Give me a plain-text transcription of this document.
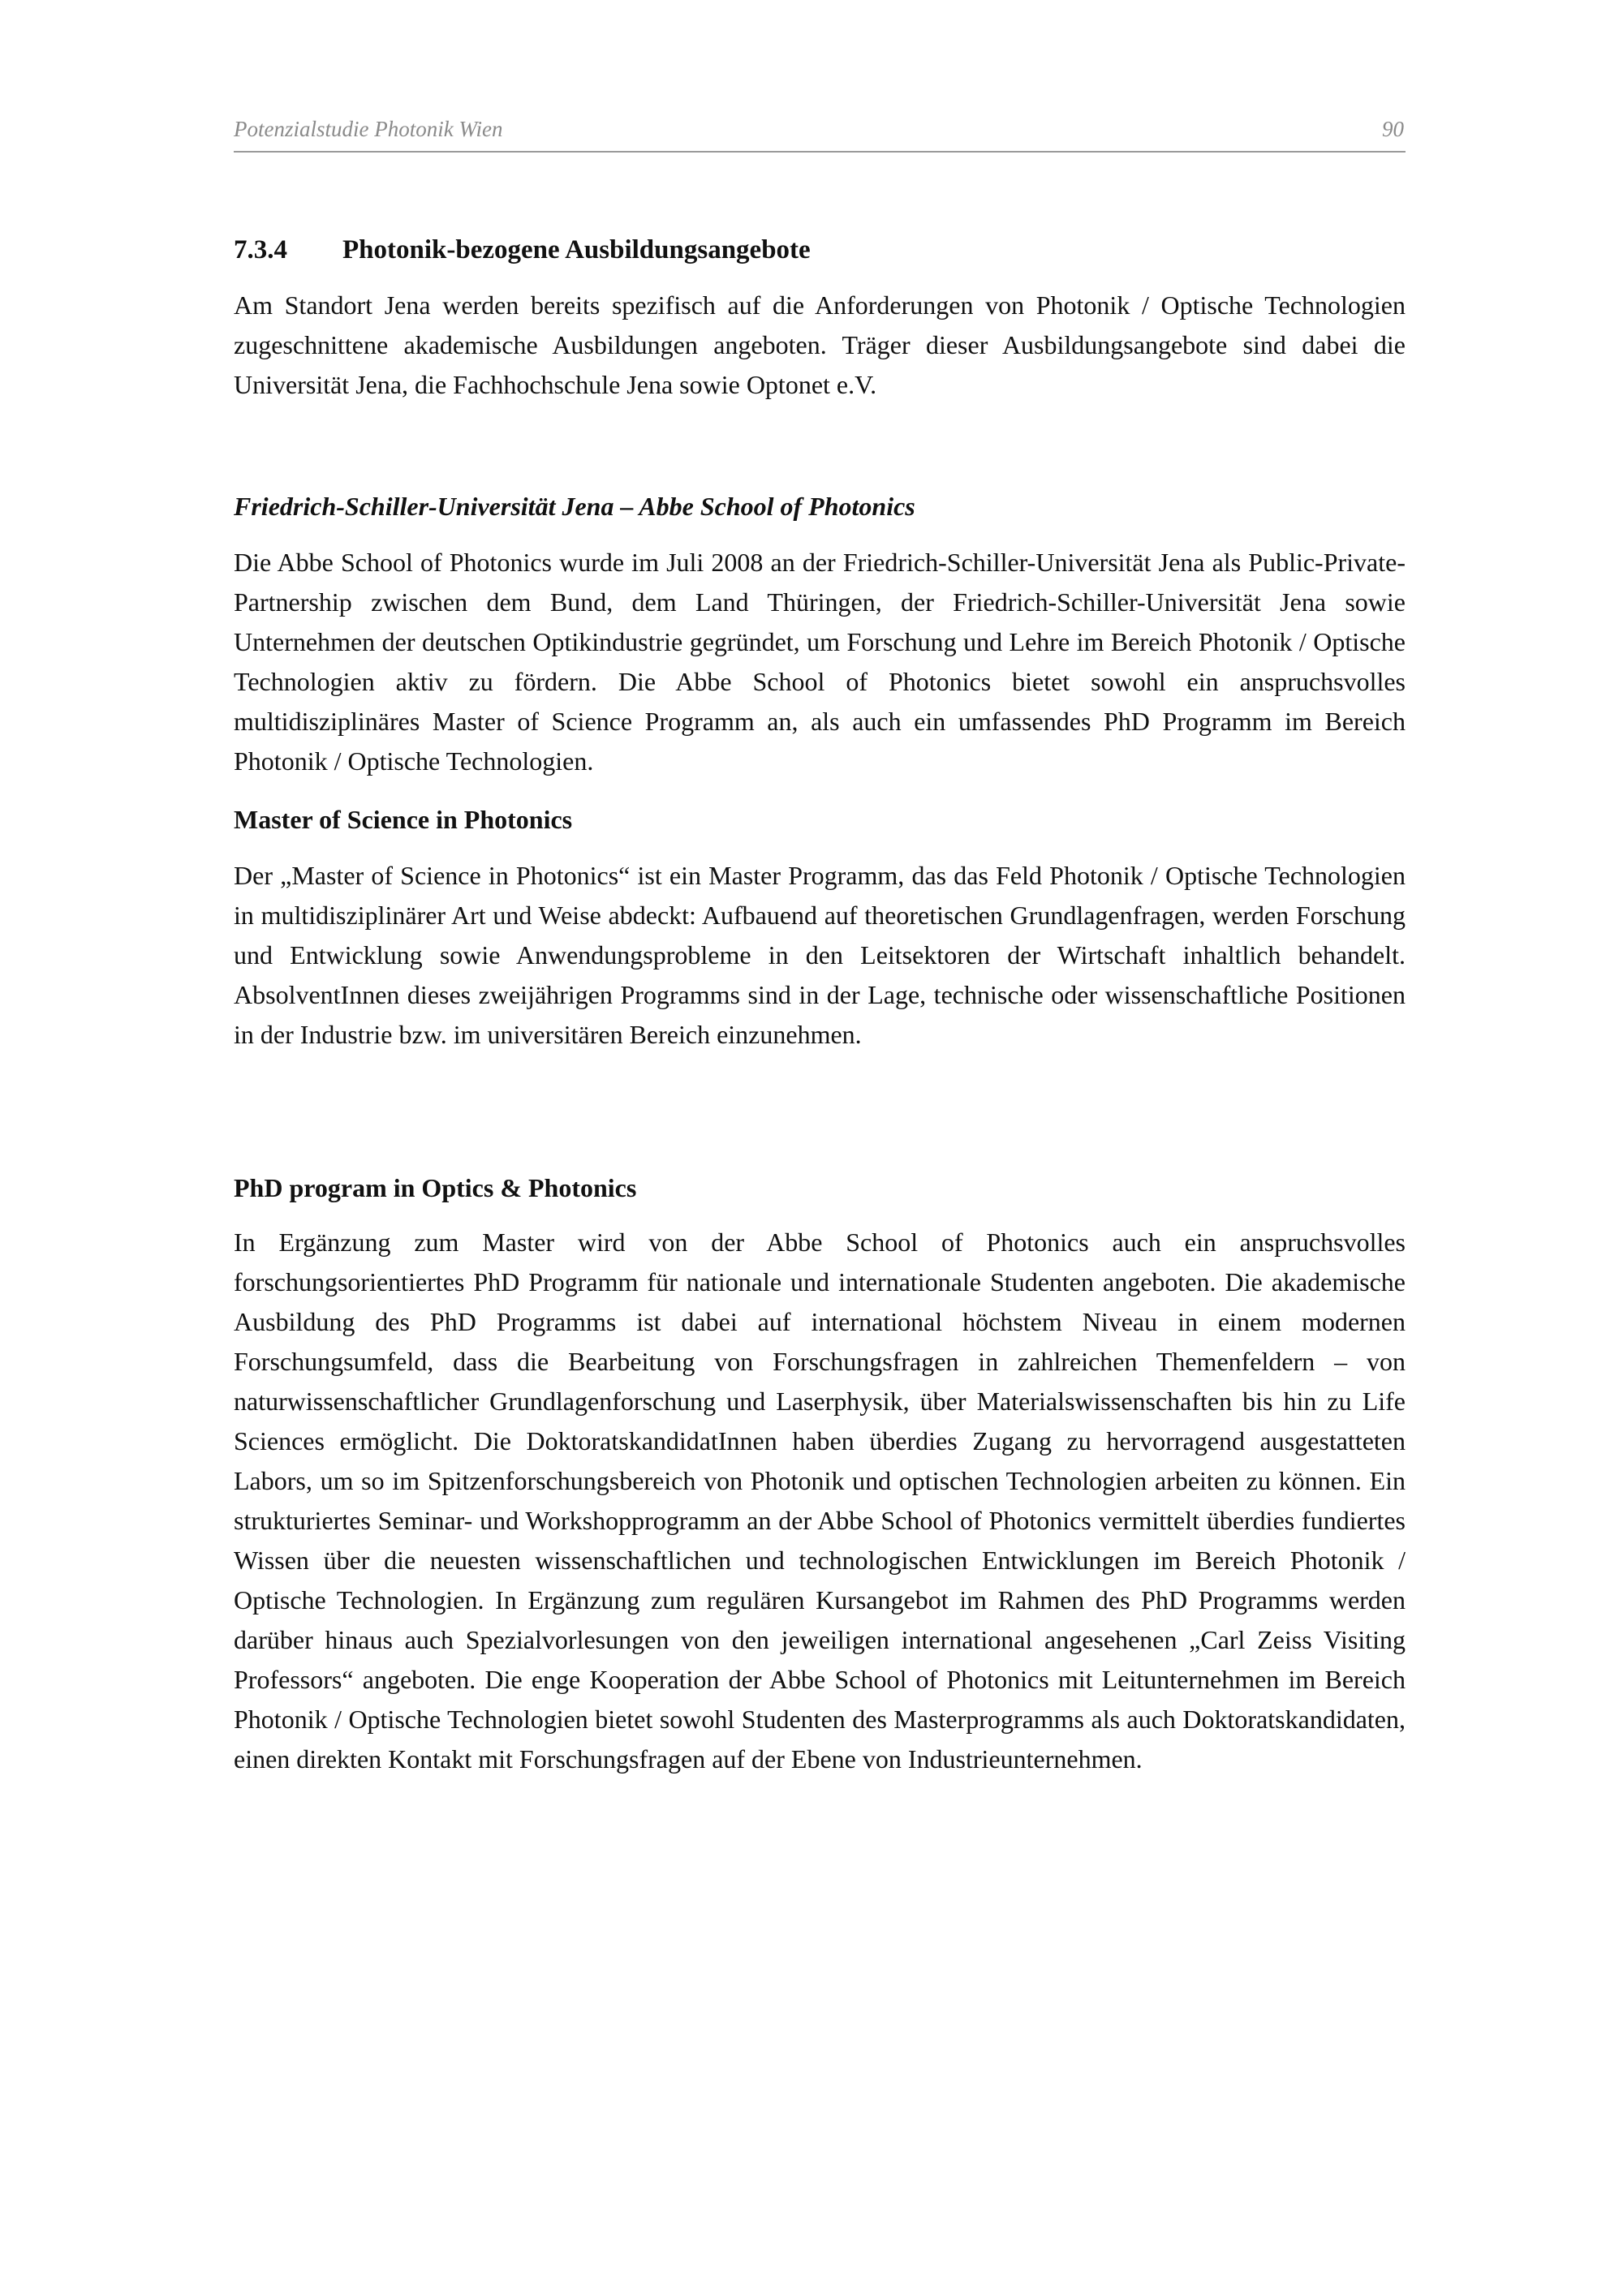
Potenzialstudie Photonik Wien	90
7.3.4 Photonik-bezogene Ausbildungsangebote

Am Standort Jena werden bereits spezifisch auf die Anforderungen von Photonik / Optische Technologien zugeschnittene akademische Ausbildungen angeboten. Träger dieser Ausbildungsangebote sind dabei die Universität Jena, die Fachhochschule Jena sowie Optonet e.V.

Friedrich-Schiller-Universität Jena – Abbe School of Photonics

Die Abbe School of Photonics wurde im Juli 2008 an der Friedrich-Schiller-Universität Jena als Public-Private-Partnership zwischen dem Bund, dem Land Thüringen, der Friedrich-Schiller-Universität Jena sowie Unternehmen der deutschen Optikindustrie gegründet, um Forschung und Lehre im Bereich Photonik / Optische Technologien aktiv zu fördern. Die Abbe School of Photonics bietet sowohl ein anspruchsvolles multidisziplinäres Master of Science Programm an, als auch ein umfassendes PhD Programm im Bereich Photonik / Optische Technologien.

Master of Science in Photonics

Der „Master of Science in Photonics“ ist ein Master Programm, das das Feld Photonik / Optische Technologien in multidisziplinärer Art und Weise abdeckt: Aufbauend auf theoretischen Grundlagenfragen, werden Forschung und Entwicklung sowie Anwendungsprobleme in den Leitsektoren der Wirtschaft inhaltlich behandelt. AbsolventInnen dieses zweijährigen Programms sind in der Lage, technische oder wissenschaftliche Positionen in der Industrie bzw. im universitären Bereich einzunehmen.

PhD program in Optics & Photonics

In Ergänzung zum Master wird von der Abbe School of Photonics auch ein anspruchsvolles forschungsorientiertes PhD Programm für nationale und internationale Studenten angeboten. Die akademische Ausbildung des PhD Programms ist dabei auf international höchstem Niveau in einem modernen Forschungsumfeld, dass die Bearbeitung von Forschungsfragen in zahlreichen Themenfeldern – von naturwissenschaftlicher Grundlagenforschung und Laserphysik, über Materialswissenschaften bis hin zu Life Sciences ermöglicht. Die DoktoratskandidatInnen haben überdies Zugang zu hervorragend ausgestatteten Labors, um so im Spitzenforschungsbereich von Photonik und optischen Technologien arbeiten zu können. Ein strukturiertes Seminar- und Workshopprogramm an der Abbe School of Photonics vermittelt überdies fundiertes Wissen über die neuesten wissenschaftlichen und technologischen Entwicklungen im Bereich Photonik / Optische Technologien. In Ergänzung zum regulären Kursangebot im Rahmen des PhD Programms werden darüber hinaus auch Spezialvorlesungen von den jeweiligen international angesehenen „Carl Zeiss Visiting Professors“ angeboten. Die enge Kooperation der Abbe School of Photonics mit Leitunternehmen im Bereich Photonik / Optische Technologien bietet sowohl Studenten des Masterprogramms als auch Doktoratskandidaten, einen direkten Kontakt mit Forschungsfragen auf der Ebene von Industrieunternehmen.
